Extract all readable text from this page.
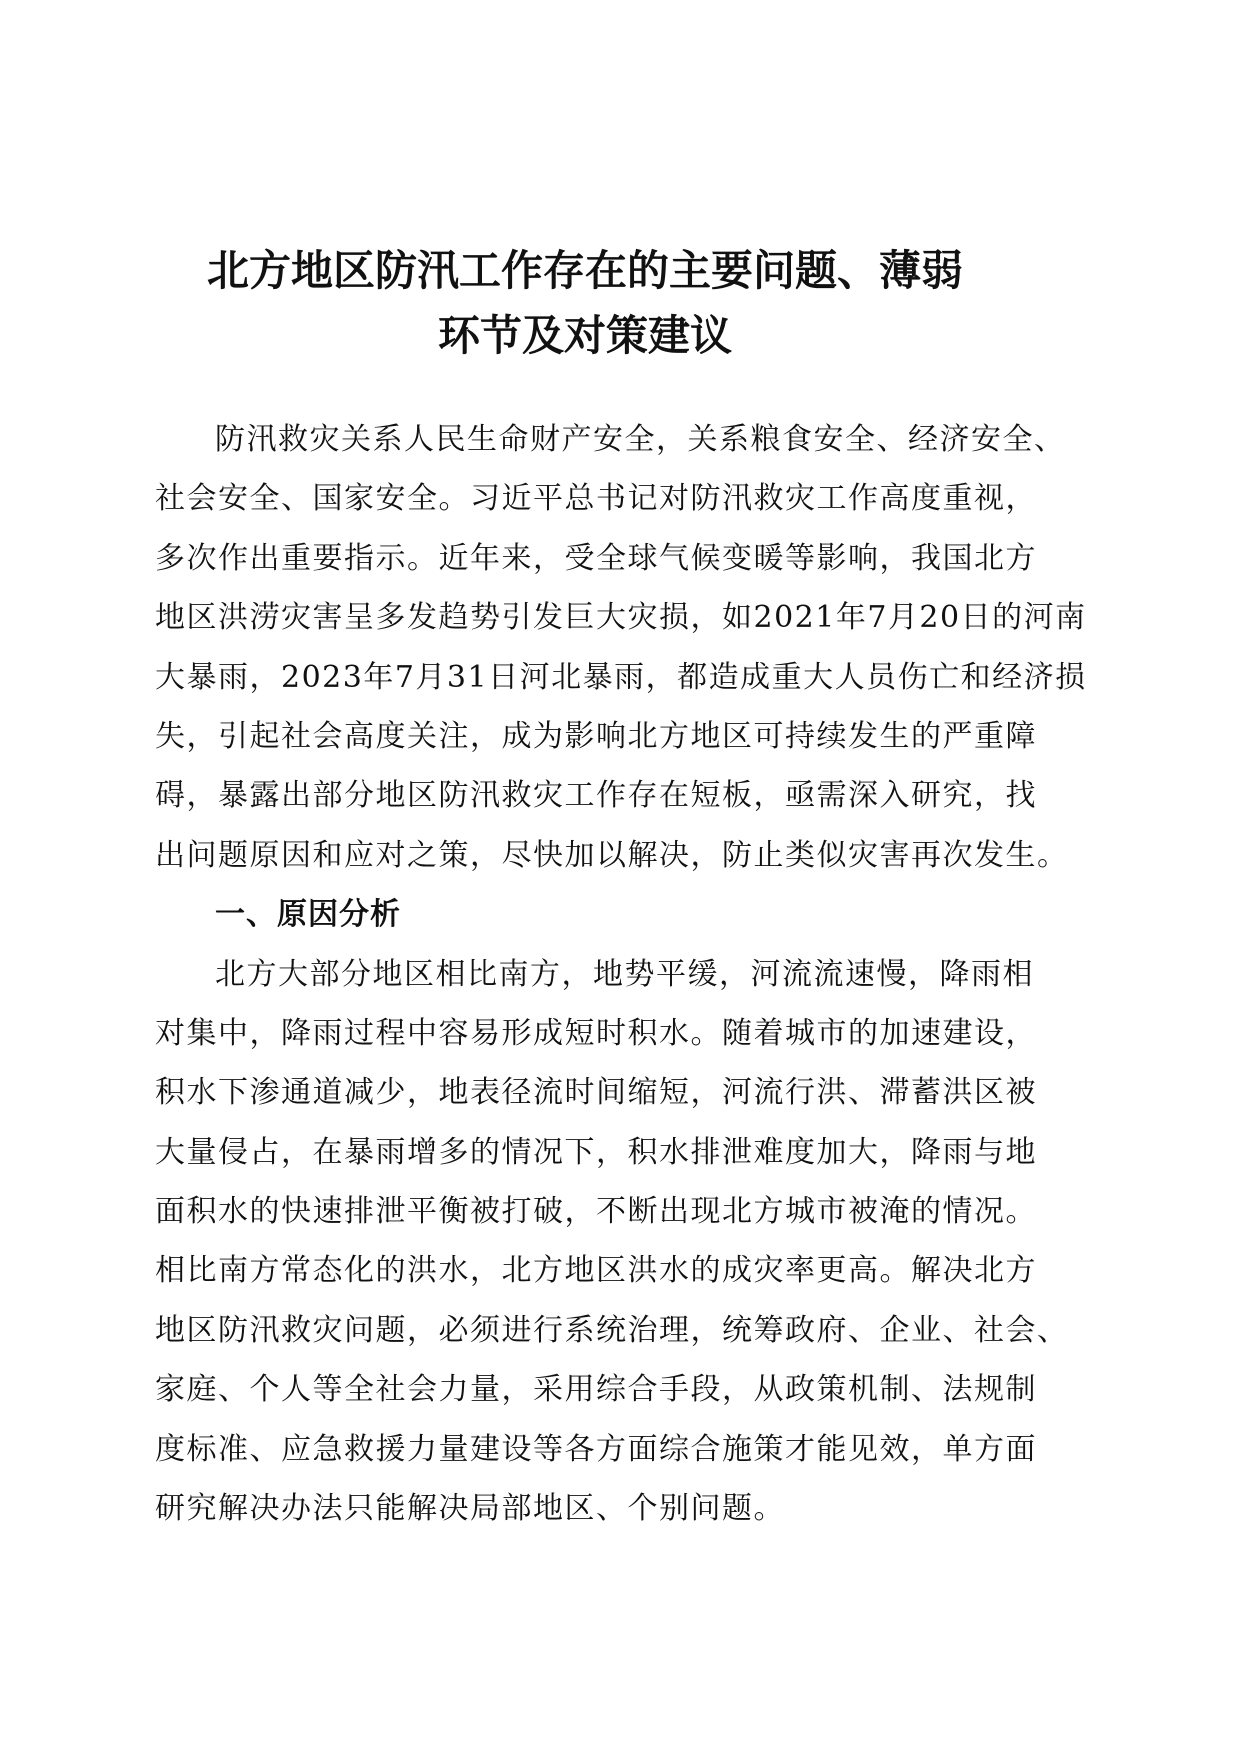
北方地区防汛工作存在的主要问题、薄弱
环节及对策建议
防汛救灾关系人民生命财产安全，关系粮食安全、经济安全、
社会安全、国家安全。习近平总书记对防汛救灾工作高度重视，
多次作出重要指示。近年来，受全球气候变暖等影响，我国北方
地区洪涝灾害呈多发趋势引发巨大灾损，如2021年7月20日的河南
大暴雨，2023年7月31日河北暴雨，都造成重大人员伤亡和经济损
失，引起社会高度关注，成为影响北方地区可持续发生的严重障
碍，暴露出部分地区防汛救灾工作存在短板，亟需深入研究，找
出问题原因和应对之策，尽快加以解决，防止类似灾害再次发生。
一、原因分析
北方大部分地区相比南方，地势平缓，河流流速慢，降雨相
对集中，降雨过程中容易形成短时积水。随着城市的加速建设，
积水下渗通道减少，地表径流时间缩短，河流行洪、滞蓄洪区被
大量侵占，在暴雨增多的情况下，积水排泄难度加大，降雨与地
面积水的快速排泄平衡被打破，不断出现北方城市被淹的情况。
相比南方常态化的洪水，北方地区洪水的成灾率更高。解决北方
地区防汛救灾问题，必须进行系统治理，统筹政府、企业、社会、
家庭、个人等全社会力量，采用综合手段，从政策机制、法规制
度标准、应急救援力量建设等各方面综合施策才能见效，单方面
研究解决办法只能解决局部地区、个别问题。
